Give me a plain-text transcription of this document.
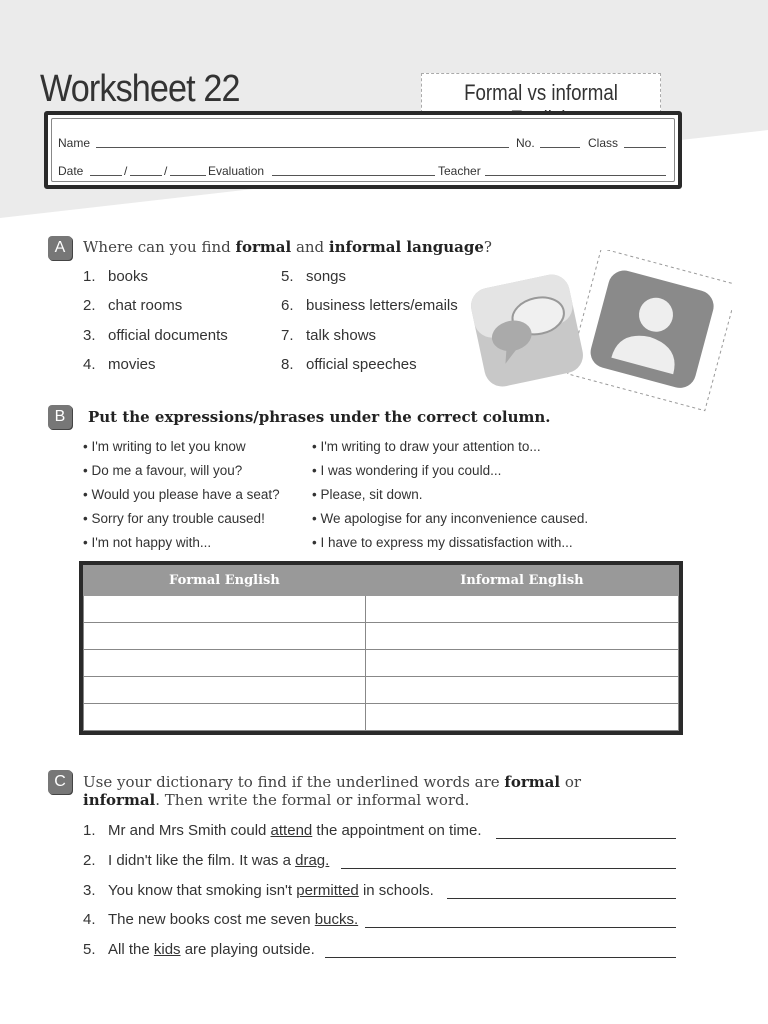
Worksheet 22	Formal vs informal
Name	No.	Class
Date	/	/	Evaluation	Teacher
A	Where can you find formal and informal language?
1. books
2. chat rooms
3. official documents
4. movies
5. songs
6. business letters/emails
7. talk shows
8. official speeches
B	Put the expressions/phrases under the correct column.
• I'm writing to let you know
• Do me a favour, will you?
• Would you please have a seat?
• Sorry for any trouble caused!
• I'm not happy with...
• I'm writing to draw your attention to...
• I was wondering if you could...
• Please, sit down.
• We apologise for any inconvenience caused.
• I have to express my dissatisfaction with...
Formal English	Informal English

C	Use your dictionary to find if the underlined words are formal or
informal. Then write the formal or informal word.
1. Mr and Mrs Smith could attend the appointment on time.
2. I didn't like the film. It was a drag.
3. You know that smoking isn't permitted in schools.
4. The new books cost me seven bucks.
5. All the kids are playing outside.
